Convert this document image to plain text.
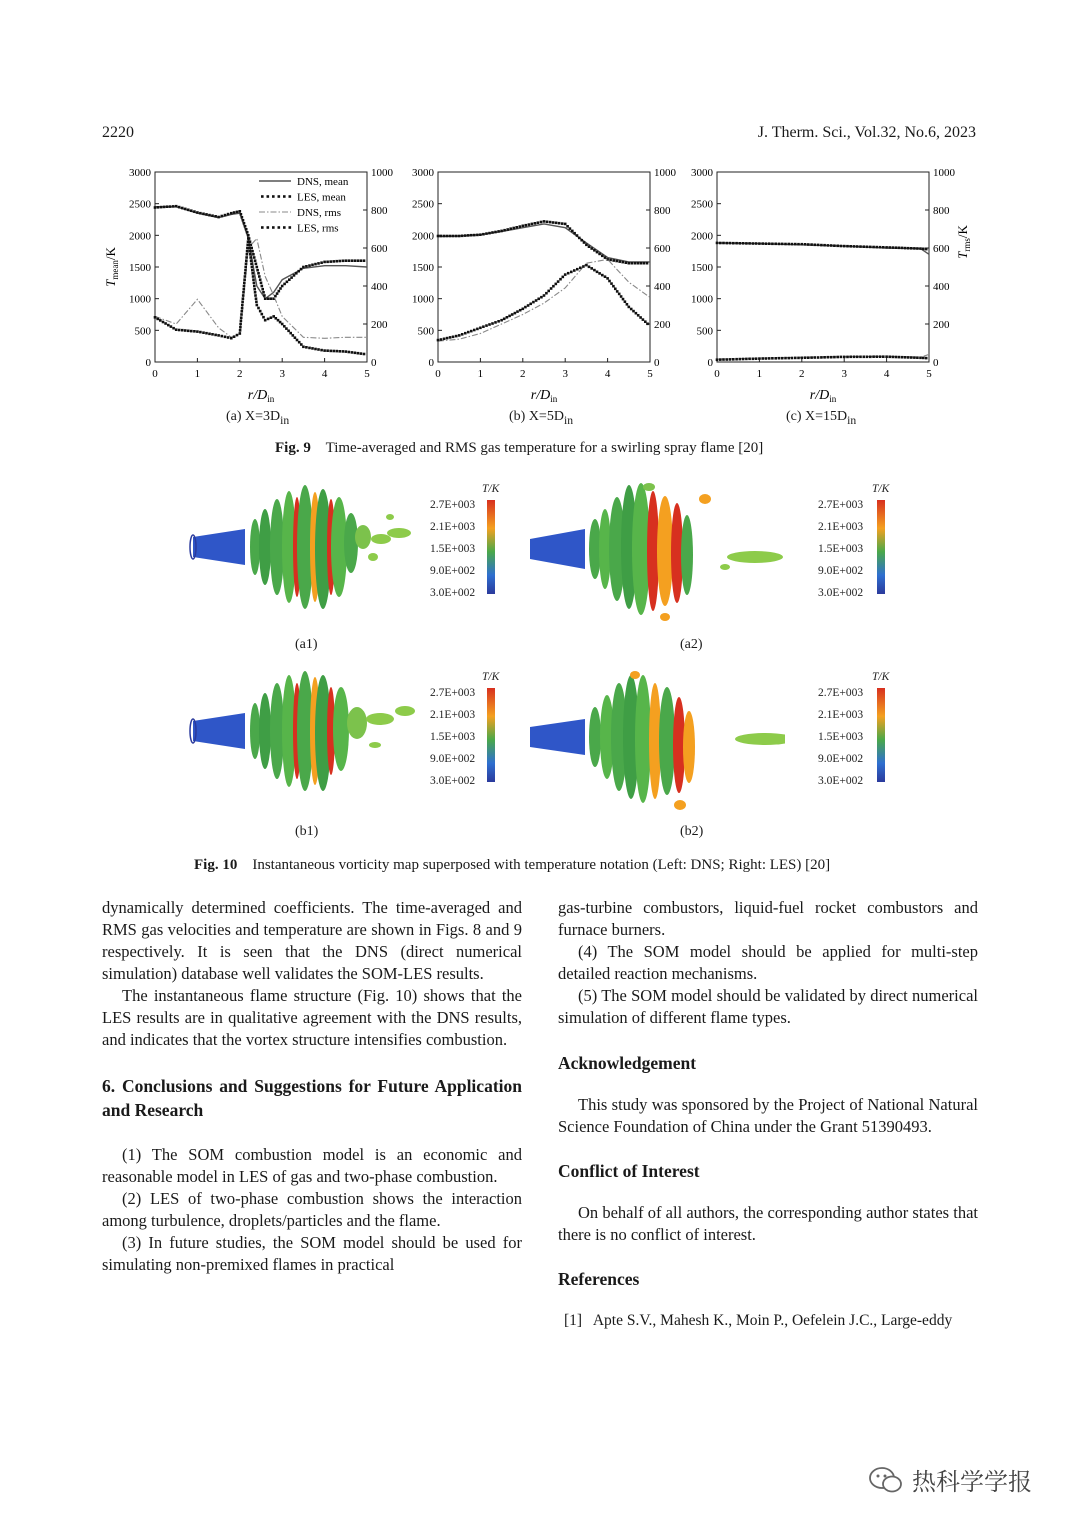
2220	J. Therm. Sci., Vol.32, No.6, 2023
0
500
1000
1500
2000
2500
3000
0
200
400
600
800
1000
0	1	2	3	4	5
$r/D_{in}$
$T_{mean}/K$
DNS, mean
LES, mean
DNS, rms
LES, rms
0
500
1000
1500
2000
2500
3000
0
200
400
600
800
1000
0	1	2	3	4	5
$r/D_{in}$
0
500
1000
1500
2000
2500
3000
0
200
400
600
800
1000
0	1	2	3	4	5
$r/D_{in}$
$T_{rms}/K$
(a) $X=3D_{in}$	(b) $X=5D_{in}$	(c) $X=15D_{in}$
Fig. 9 Time-averaged and RMS gas temperature for a swirling spray flame [20]
T/K
2.7E+003
2.1E+003
1.5E+003
9.0E+002
3.0E+002
T/K
2.7E+003
2.1E+003
1.5E+003
9.0E+002
3.0E+002
(a1)	(a2)
T/K
2.7E+003
2.1E+003
1.5E+003
9.0E+002
3.0E+002
T/K
2.7E+003
2.1E+003
1.5E+003
9.0E+002
3.0E+002
(b1)	(b2)
Fig. 10 Instantaneous vorticity map superposed with temperature notation (Left: DNS; Right: LES) [20]

dynamically determined coefficients. The time-averaged and RMS gas velocities and temperature are shown in Figs. 8 and 9 respectively. It is seen that the DNS (direct numerical simulation) database well validates the SOM-LES results.

The instantaneous flame structure (Fig. 10) shows that the LES results are in qualitative agreement with the DNS results, and indicates that the vortex structure intensifies combustion.

6. Conclusions and Suggestions for Future Application and Research

(1) The SOM combustion model is an economic and reasonable model in LES of gas and two-phase combustion.

(2) LES of two-phase combustion shows the interaction among turbulence, droplets/particles and the flame.

(3) In future studies, the SOM model should be used for simulating non-premixed flames in practical

gas-turbine combustors, liquid-fuel rocket combustors and furnace burners.

(4) The SOM model should be applied for multi-step detailed reaction mechanisms.

(5) The SOM model should be validated by direct numerical simulation of different flame types.

Acknowledgement

This study was sponsored by the Project of National Natural Science Foundation of China under the Grant 51390493.

Conflict of Interest

On behalf of all authors, the corresponding author states that there is no conflict of interest.

References

[1] Apte S.V., Mahesh K., Moin P., Oefelein J.C., Large-eddy

热科学学报
